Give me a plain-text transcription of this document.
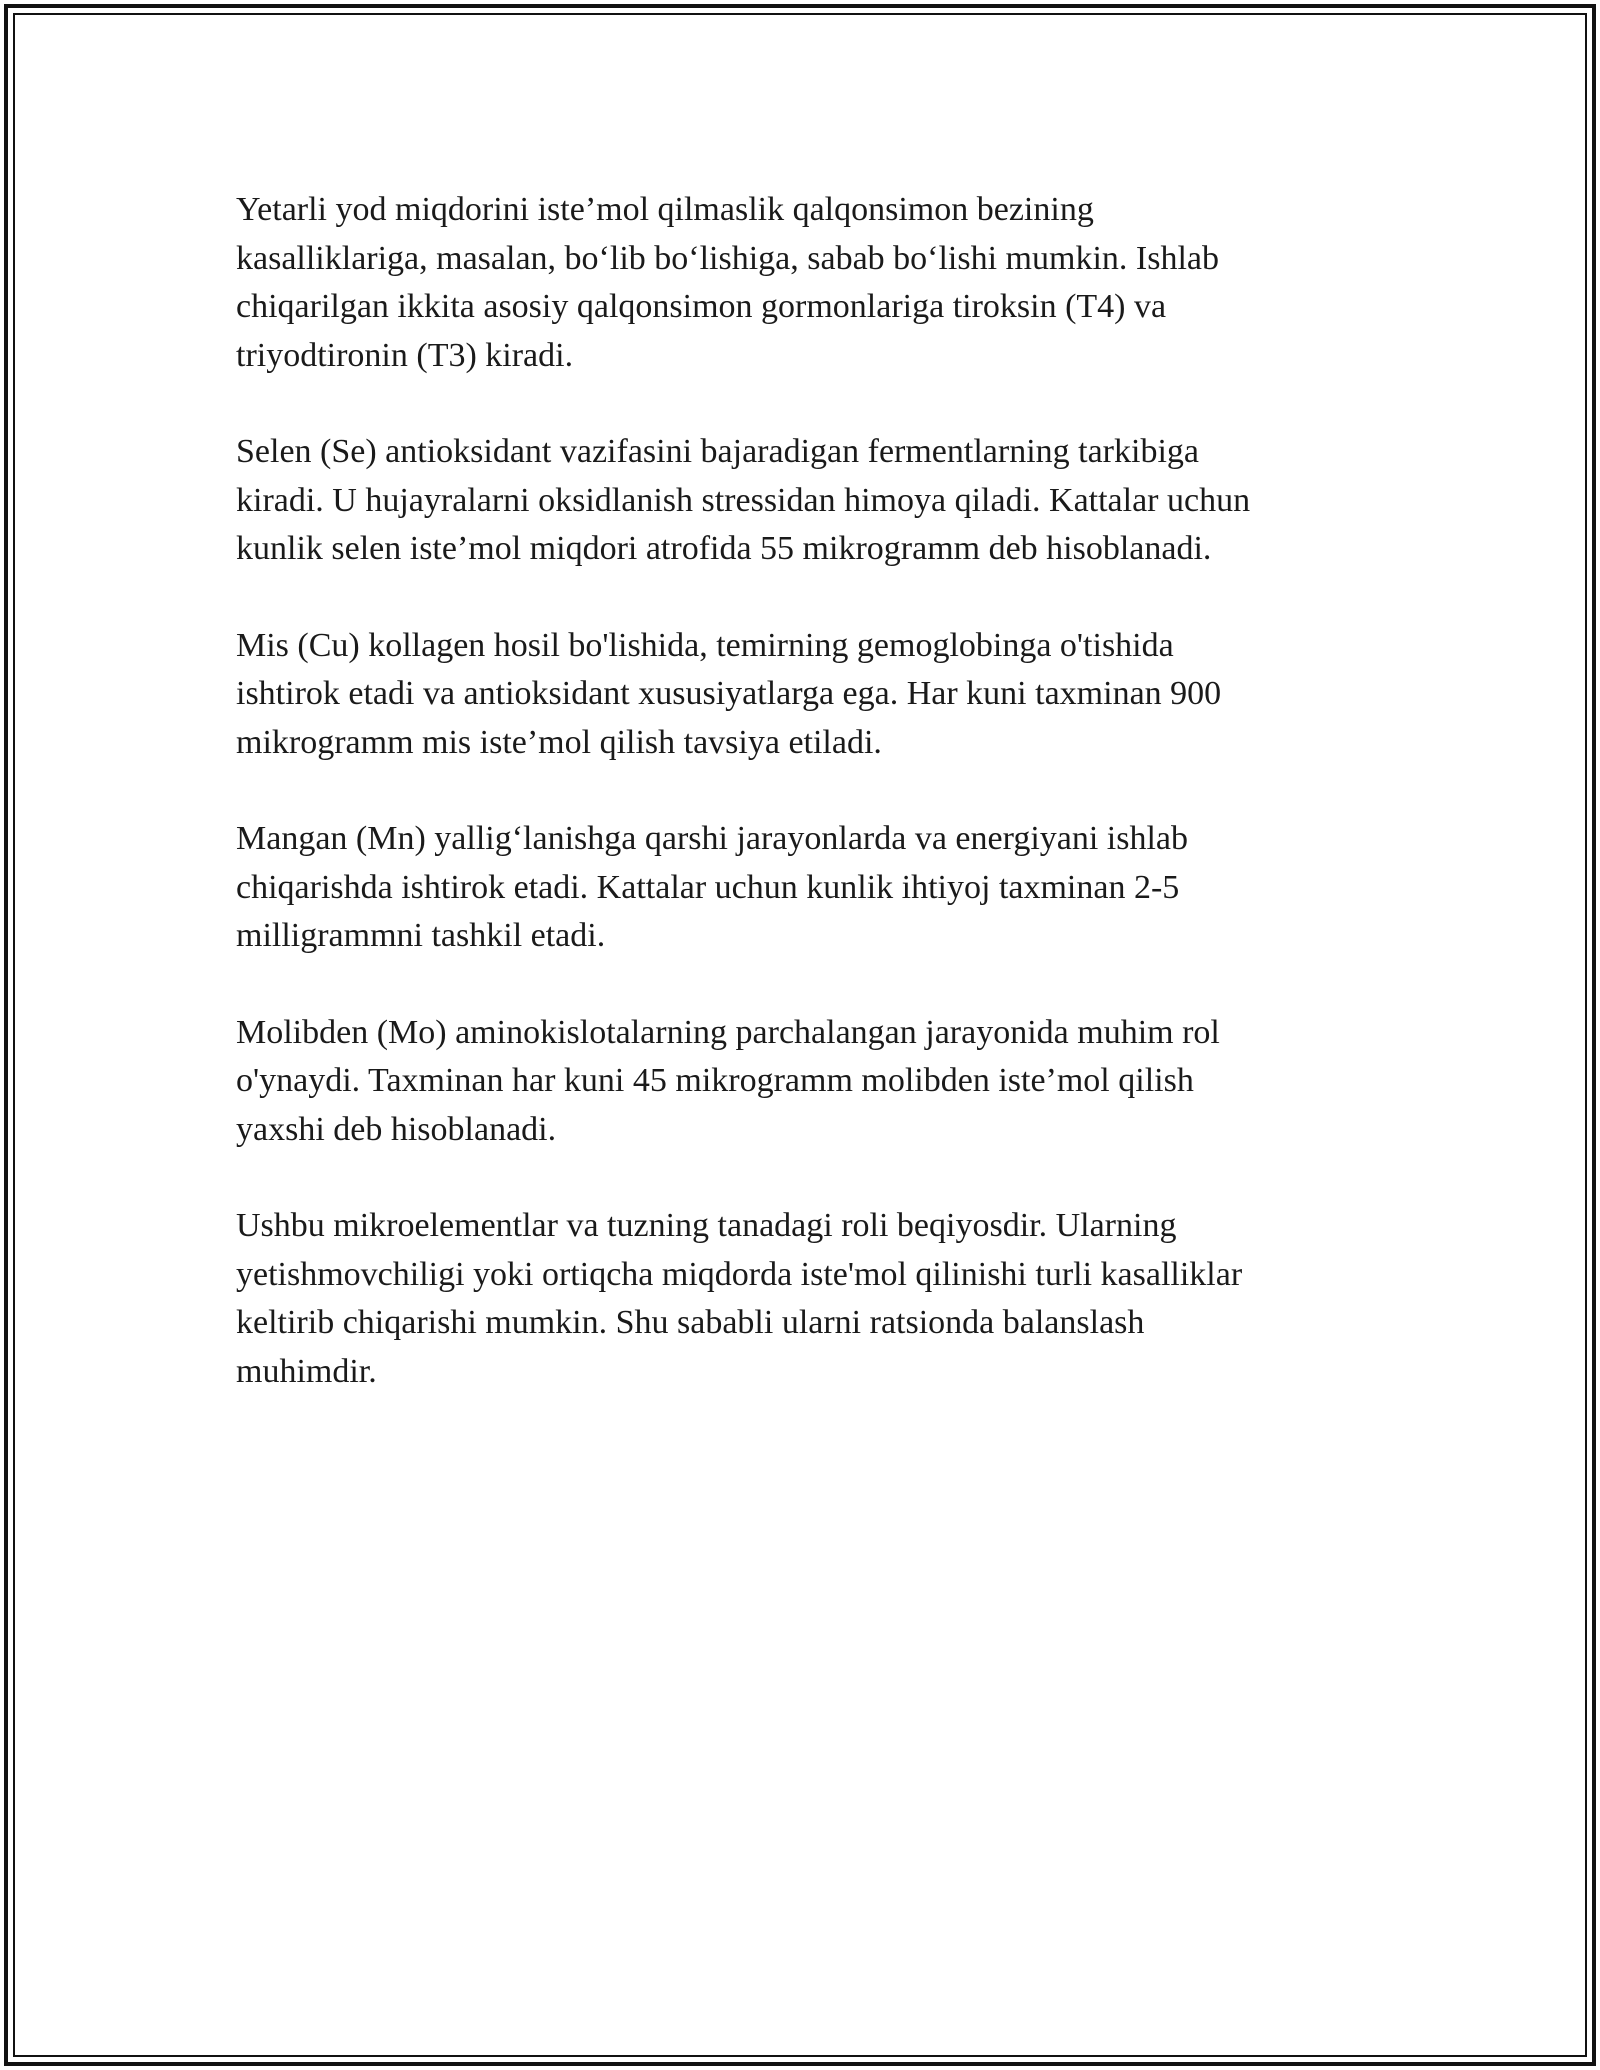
Yetarli yod miqdorini iste’mol qilmaslik qalqonsimon bezining
kasalliklariga, masalan, bo‘lib bo‘lishiga, sabab bo‘lishi mumkin. Ishlab
chiqarilgan ikkita asosiy qalqonsimon gormonlariga tiroksin (T4) va
triyodtironin (T3) kiradi.

Selen (Se) antioksidant vazifasini bajaradigan fermentlarning tarkibiga
kiradi. U hujayralarni oksidlanish stressidan himoya qiladi. Kattalar uchun
kunlik selen iste’mol miqdori atrofida 55 mikrogramm deb hisoblanadi.

Mis (Cu) kollagen hosil bo'lishida, temirning gemoglobinga o'tishida
ishtirok etadi va antioksidant xususiyatlarga ega. Har kuni taxminan 900
mikrogramm mis iste’mol qilish tavsiya etiladi.

Mangan (Mn) yallig‘lanishga qarshi jarayonlarda va energiyani ishlab
chiqarishda ishtirok etadi. Kattalar uchun kunlik ihtiyoj taxminan 2-5
milligrammni tashkil etadi.

Molibden (Mo) aminokislotalarning parchalangan jarayonida muhim rol
o'ynaydi. Taxminan har kuni 45 mikrogramm molibden iste’mol qilish
yaxshi deb hisoblanadi.

Ushbu mikroelementlar va tuzning tanadagi roli beqiyosdir. Ularning
yetishmovchiligi yoki ortiqcha miqdorda iste'mol qilinishi turli kasalliklar
keltirib chiqarishi mumkin. Shu sababli ularni ratsionda balanslash
muhimdir.
